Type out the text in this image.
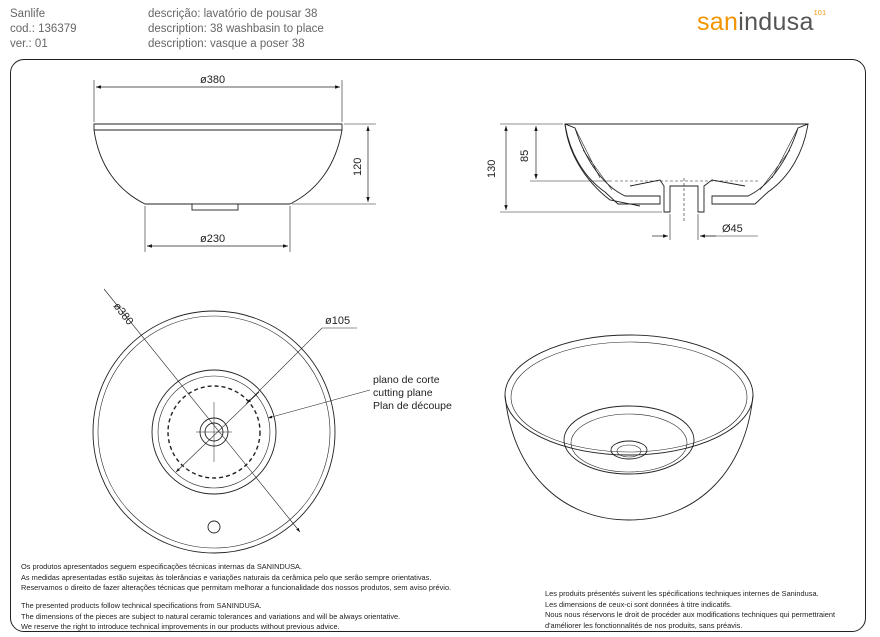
Sanlife
cod.: 136379
ver.: 01
descrição: lavatório de pousar 38
description: 38 washbasin to place
description: vasque a poser 38
sanindusa$^{101}$
ø380
ø230
120	130
85
Ø45
ø380	ø105
plano de corte
cutting plane
Plan de découpe
Os produtos apresentados seguem especificações técnicas internas da SANINDUSA.
As medidas apresentadas estão sujeitas às tolerâncias e variações naturais da cerâmica pelo que serão sempre orientativas.
Reservamos o direito de fazer alterações técnicas que permitam melhorar a funcionalidade dos nossos produtos, sem aviso prévio.
The presented products follow technical specifications from SANINDUSA.
The dimensions of the pieces are subject to natural ceramic tolerances and variations and will be always orientative.
We reserve the right to introduce technical improvements in our products without previous advice.
Les produits présentés suivent les spécifications techniques internes de Sanindusa.
Les dimensions de ceux-ci sont données à titre indicatifs.
Nous nous réservons le droit de procéder aux modifications techniques qui permettraient
d'améliorer les fonctionnalités de nos produits, sans préavis.
